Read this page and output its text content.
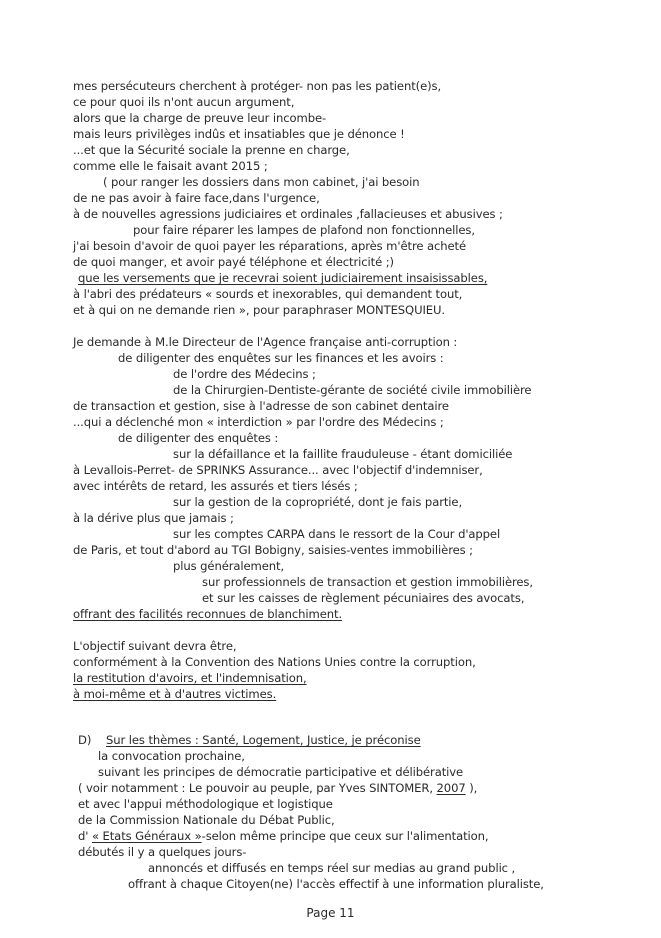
mes persécuteurs cherchent à protéger- non pas les patient(e)s,
ce pour quoi ils n'ont aucun argument,
alors que la charge de preuve leur incombe-
mais leurs privilèges indûs et insatiables que je dénonce !
...et que la Sécurité sociale la prenne en charge,
comme elle le faisait avant 2015 ;
( pour ranger les dossiers dans mon cabinet, j'ai besoin
de ne pas avoir à faire face,dans l'urgence,
à de nouvelles agressions judiciaires et ordinales ,fallacieuses et abusives ;
pour faire réparer les lampes de plafond non fonctionnelles,
j'ai besoin d'avoir de quoi payer les réparations, après m'être acheté
de quoi manger, et avoir payé téléphone et électricité ;)
que les versements que je recevrai soient judiciairement insaisissables,
à l'abri des prédateurs « sourds et inexorables, qui demandent tout,
et à qui on ne demande rien », pour paraphraser MONTESQUIEU.
Je demande à M.le Directeur de l'Agence française anti-corruption :
de diligenter des enquêtes sur les finances et les avoirs :
de l'ordre des Médecins ;
de la Chirurgien-Dentiste-gérante de société civile immobilière
de transaction et gestion, sise à l'adresse de son cabinet dentaire
...qui a déclenché mon « interdiction » par l'ordre des Médecins ;
de diligenter des enquêtes :
sur la défaillance et la faillite frauduleuse - étant domiciliée
à Levallois-Perret- de SPRINKS Assurance... avec l'objectif d'indemniser,
avec intérêts de retard, les assurés et tiers lésés ;
sur la gestion de la copropriété, dont je fais partie,
à la dérive plus que jamais ;
sur les comptes CARPA dans le ressort de la Cour d'appel
de Paris, et tout d'abord au TGI Bobigny, saisies-ventes immobilières ;
plus généralement,
sur professionnels de transaction et gestion immobilières,
et sur les caisses de règlement pécuniaires des avocats,
offrant des facilités reconnues de blanchiment.
L'objectif suivant devra être,
conformément à la Convention des Nations Unies contre la corruption,
la restitution d'avoirs, et l'indemnisation,
à moi-même et à d'autres victimes.
D) Sur les thèmes : Santé, Logement, Justice, je préconise
la convocation prochaine,
suivant les principes de démocratie participative et délibérative
( voir notamment : Le pouvoir au peuple, par Yves SINTOMER, 2007 ),
et avec l'appui méthodologique et logistique
de la Commission Nationale du Débat Public,
d' « Etats Généraux »-selon même principe que ceux sur l'alimentation,
débutés il y a quelques jours-
annoncés et diffusés en temps réel sur medias au grand public ,
offrant à chaque Citoyen(ne) l'accès effectif à une information pluraliste,
Page 11
